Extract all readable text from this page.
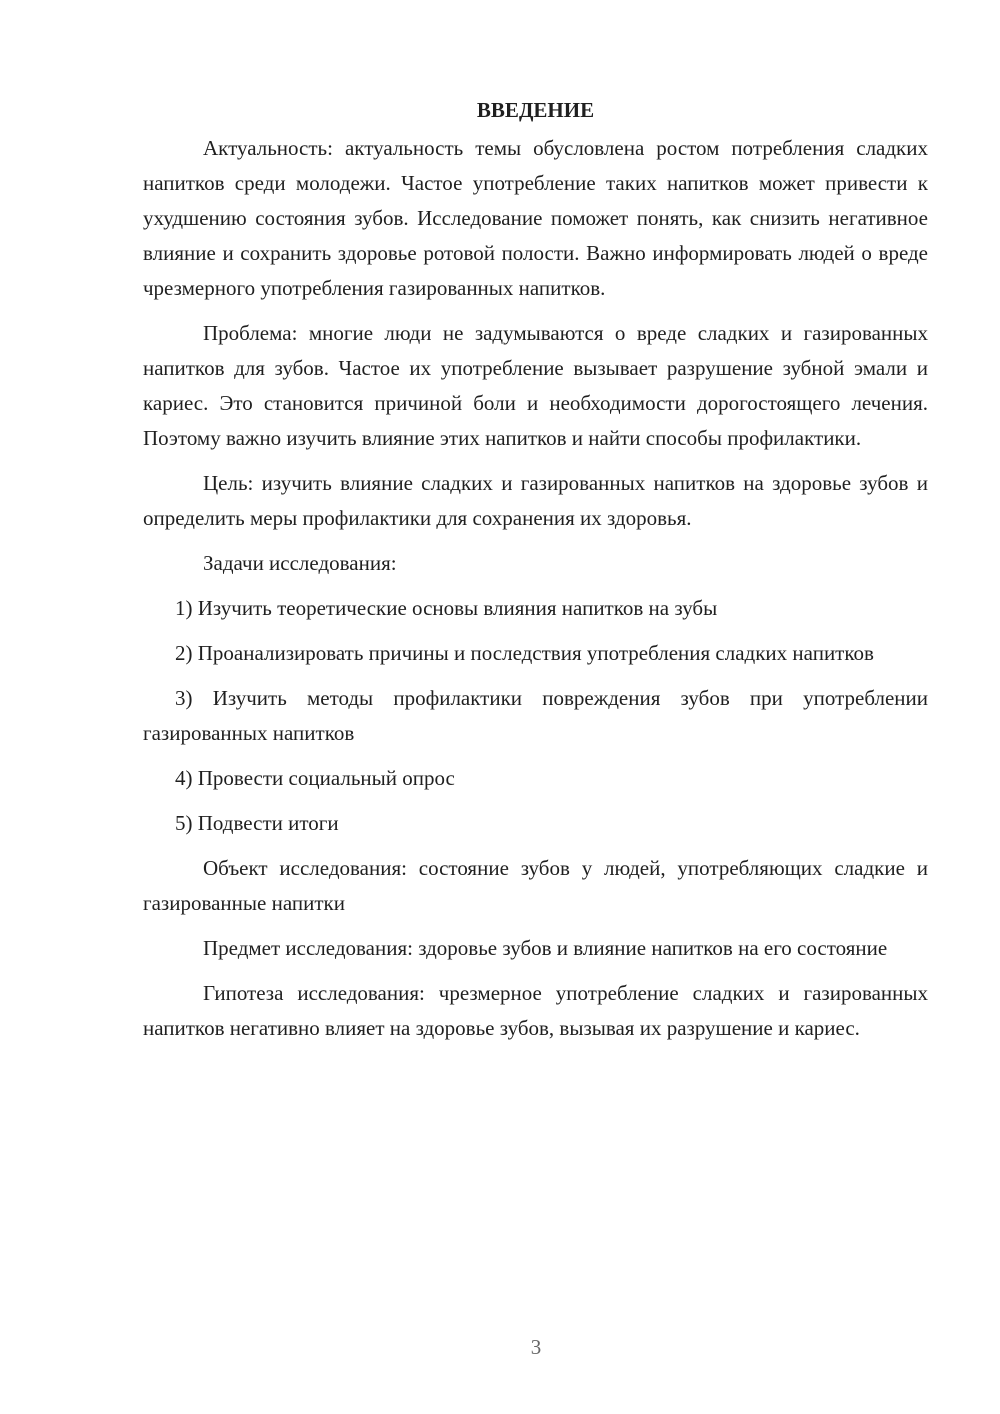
ВВЕДЕНИЕ

Актуальность: актуальность темы обусловлена ростом потребления сладких напитков среди молодежи. Частое употребление таких напитков может привести к ухудшению состояния зубов. Исследование поможет понять, как снизить негативное влияние и сохранить здоровье ротовой полости. Важно информировать людей о вреде чрезмерного употребления газированных напитков.

Проблема: многие люди не задумываются о вреде сладких и газированных напитков для зубов. Частое их употребление вызывает разрушение зубной эмали и кариес. Это становится причиной боли и необходимости дорогостоящего лечения. Поэтому важно изучить влияние этих напитков и найти способы профилактики.

Цель: изучить влияние сладких и газированных напитков на здоровье зубов и определить меры профилактики для сохранения их здоровья.

Задачи исследования:

1) Изучить теоретические основы влияния напитков на зубы

2) Проанализировать причины и последствия употребления сладких напитков

3) Изучить методы профилактики повреждения зубов при употреблении газированных напитков

4) Провести социальный опрос

5) Подвести итоги

Объект исследования: состояние зубов у людей, употребляющих сладкие и газированные напитки

Предмет исследования: здоровье зубов и влияние напитков на его состояние

Гипотеза исследования: чрезмерное употребление сладких и газированных напитков негативно влияет на здоровье зубов, вызывая их разрушение и кариес.

3
